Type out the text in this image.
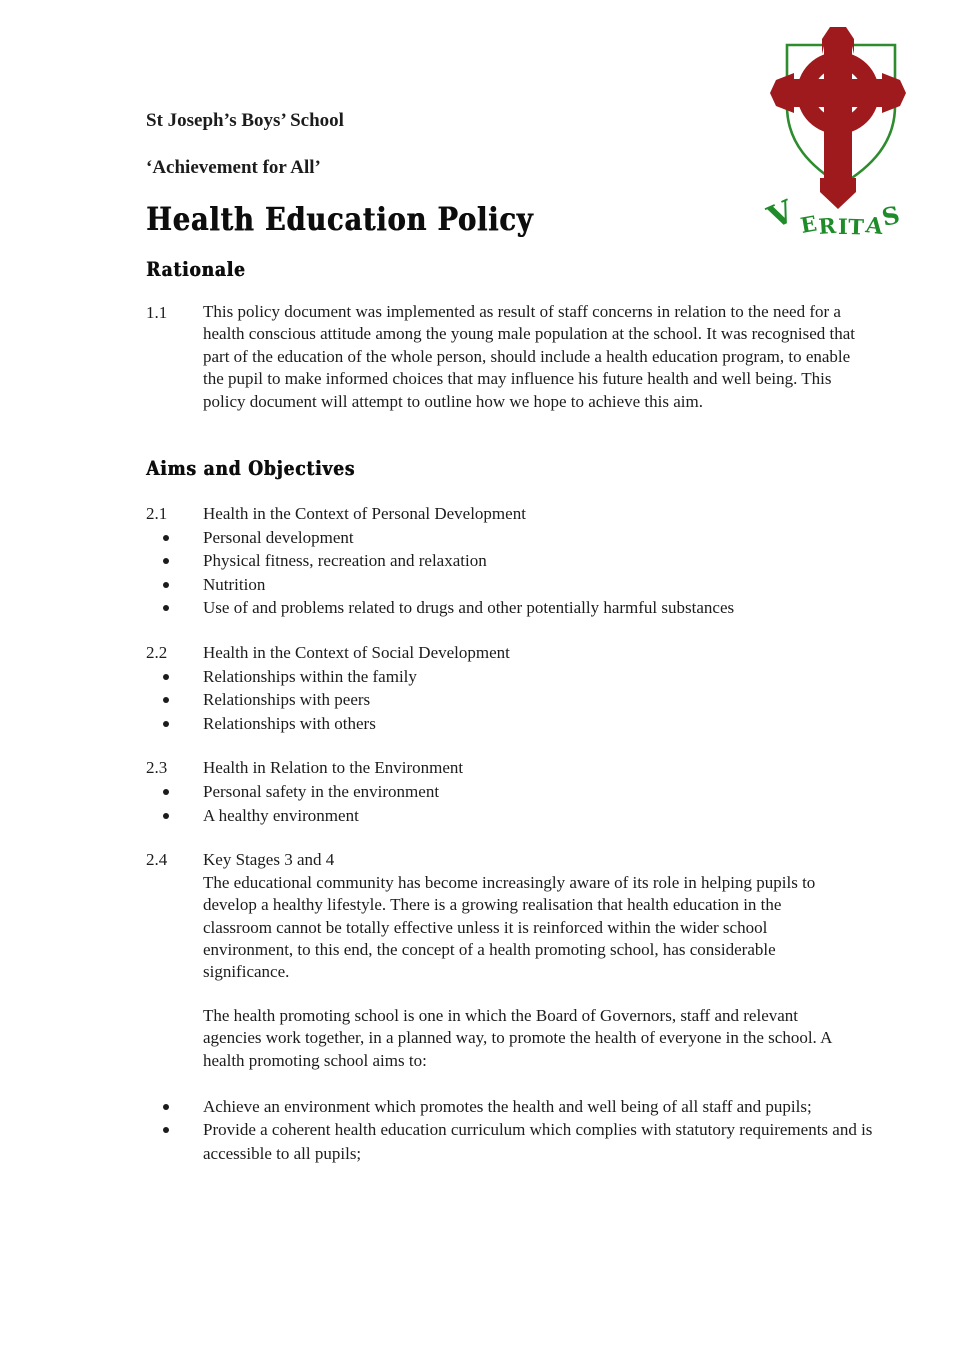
V E
R I T A
S
St Joseph’s Boys’ School
‘Achievement for All’
Health Education Policy
Rationale
1.1	This policy document was implemented as result of staff concerns in relation to the need for a health conscious attitude among the young male population at the school. It was recognised that part of the education of the whole person, should include a health education program, to enable the pupil to make informed choices that may influence his future health and well being. This policy document will attempt to outline how we hope to achieve this aim.
Aims and Objectives
2.1	Health in the Context of Personal Development
Personal development
Physical fitness, recreation and relaxation
Nutrition
Use of and problems related to drugs and other potentially harmful substances
2.2	Health in the Context of Social Development
Relationships within the family
Relationships with peers
Relationships with others
2.3	Health in Relation to the Environment
Personal safety in the environment
A healthy environment
2.4	Key Stages 3 and 4

The educational community has become increasingly aware of its role in helping pupils to develop a healthy lifestyle. There is a growing realisation that health education in the classroom cannot be totally effective unless it is reinforced within the wider school environment, to this end, the concept of a health promoting school, has considerable significance.

The health promoting school is one in which the Board of Governors, staff and relevant agencies work together, in a planned way, to promote the health of everyone in the school. A health promoting school aims to:

Achieve an environment which promotes the health and well being of all staff and pupils;
Provide a coherent health education curriculum which complies with statutory requirements and is accessible to all pupils;
